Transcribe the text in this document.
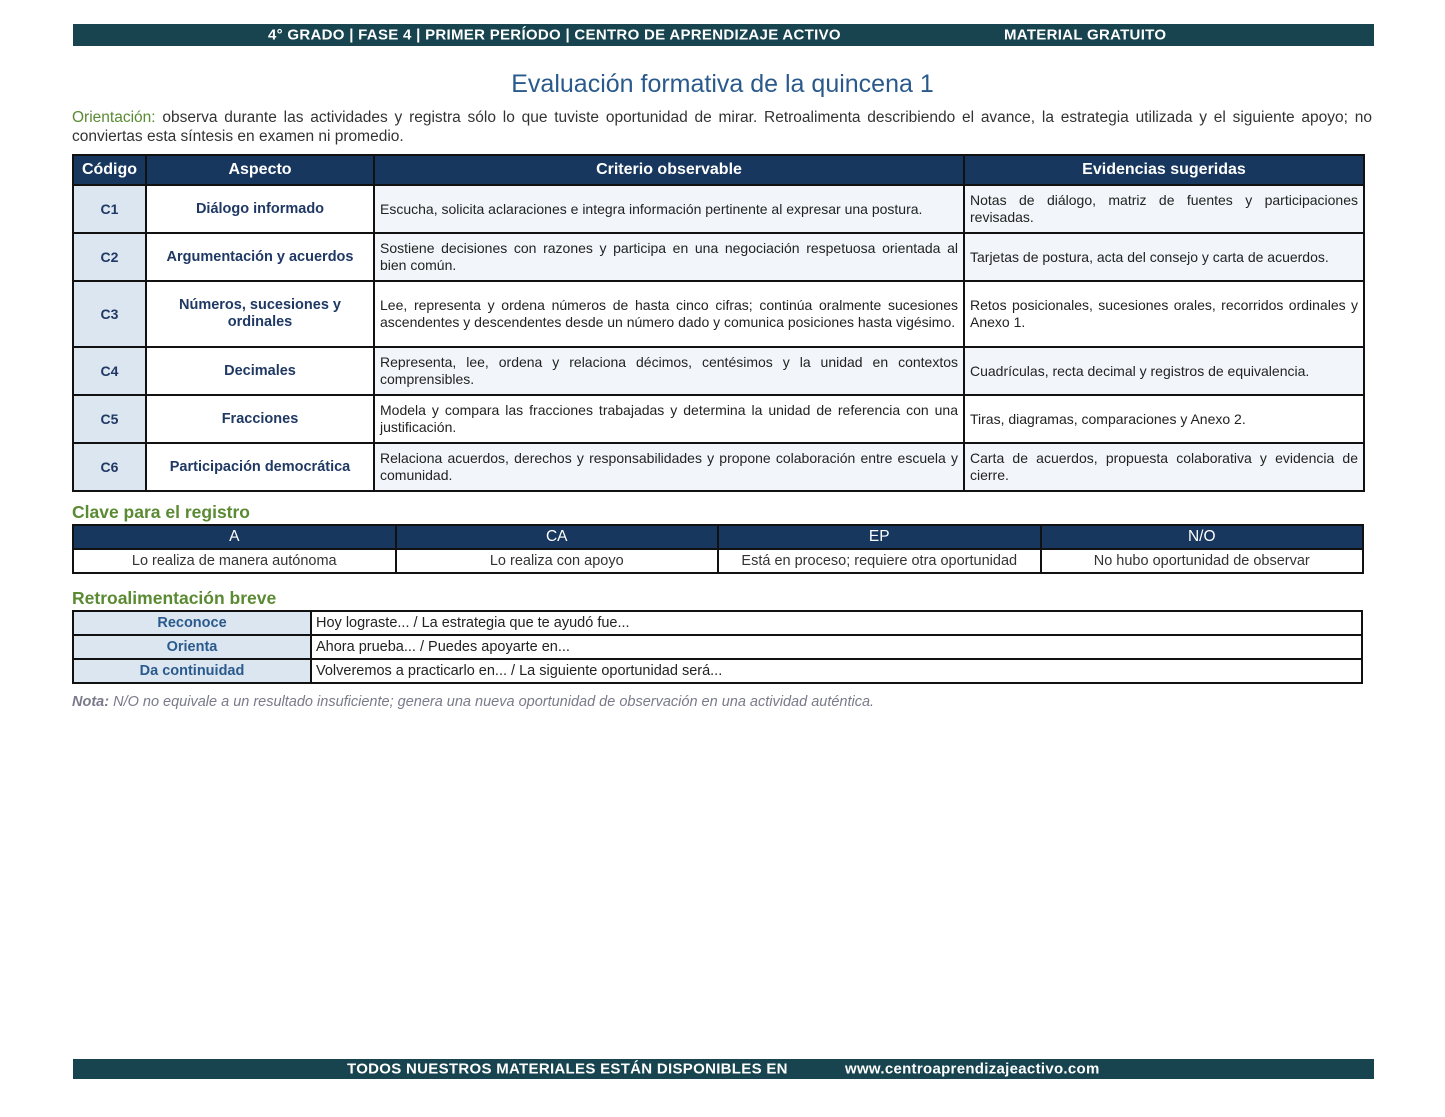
4° GRADO | FASE 4 | PRIMER PERÍODO | CENTRO DE APRENDIZAJE ACTIVO	MATERIAL GRATUITO
Evaluación formativa de la quincena 1
Orientación: observa durante las actividades y registra sólo lo que tuviste oportunidad de mirar. Retroalimenta describiendo el avance, la estrategia utilizada y el siguiente apoyo; no conviertas esta síntesis en examen ni promedio.
Código	Aspecto	Criterio observable	Evidencias sugeridas
C1	Diálogo informado	Escucha, solicita aclaraciones e integra información pertinente al expresar una postura.	Notas de diálogo, matriz de fuentes y participaciones revisadas.
C2	Argumentación y acuerdos	Sostiene decisiones con razones y participa en una negociación respetuosa orientada al bien común.	Tarjetas de postura, acta del consejo y carta de acuerdos.
C3	Números, sucesiones y ordinales	Lee, representa y ordena números de hasta cinco cifras; continúa oralmente sucesiones ascendentes y descendentes desde un número dado y comunica posiciones hasta vigésimo.	Retos posicionales, sucesiones orales, recorridos ordinales y Anexo 1.
C4	Decimales	Representa, lee, ordena y relaciona décimos, centésimos y la unidad en contextos comprensibles.	Cuadrículas, recta decimal y registros de equivalencia.
C5	Fracciones	Modela y compara las fracciones trabajadas y determina la unidad de referencia con una justificación.	Tiras, diagramas, comparaciones y Anexo 2.
C6	Participación democrática	Relaciona acuerdos, derechos y responsabilidades y propone colaboración entre escuela y comunidad.	Carta de acuerdos, propuesta colaborativa y evidencia de cierre.
Clave para el registro
A	CA	EP	N/O
Lo realiza de manera autónoma	Lo realiza con apoyo	Está en proceso; requiere otra oportunidad	No hubo oportunidad de observar
Retroalimentación breve
Reconoce	Hoy lograste... / La estrategia que te ayudó fue...
Orienta	Ahora prueba... / Puedes apoyarte en...
Da continuidad	Volveremos a practicarlo en... / La siguiente oportunidad será...
Nota: N/O no equivale a un resultado insuficiente; genera una nueva oportunidad de observación en una actividad auténtica.
TODOS NUESTROS MATERIALES ESTÁN DISPONIBLES EN	www.centroaprendizajeactivo.com
